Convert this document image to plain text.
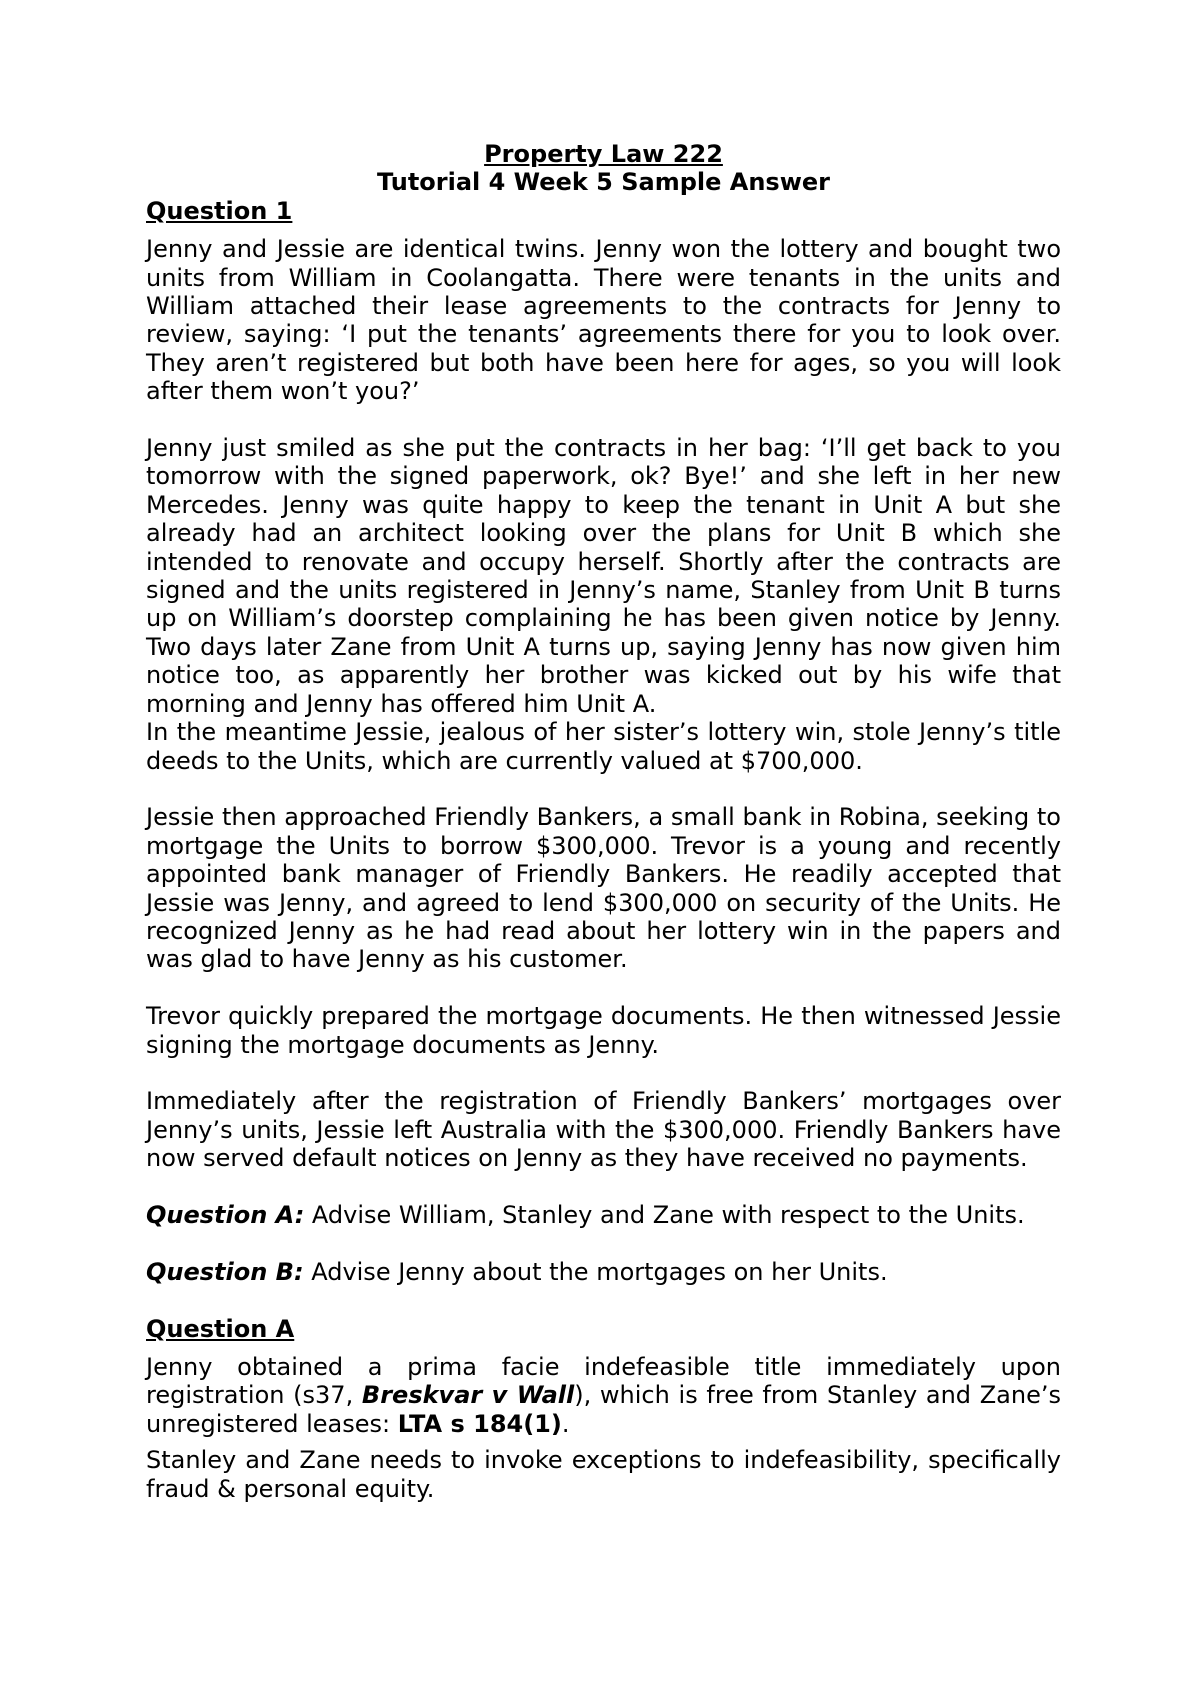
Property Law 222
Tutorial 4 Week 5 Sample Answer
Question 1

Jenny and Jessie are identical twins. Jenny won the lottery and bought two units from William in Coolangatta. There were tenants in the units and William attached their lease agreements to the contracts for Jenny to review, saying: ‘I put the tenants’ agreements there for you to look over. They aren’t registered but both have been here for ages, so you will look after them won’t you?’

Jenny just smiled as she put the contracts in her bag: ‘I’ll get back to you tomorrow with the signed paperwork, ok? Bye!’ and she left in her new Mercedes. Jenny was quite happy to keep the tenant in Unit A but she already had an architect looking over the plans for Unit B which she intended to renovate and occupy herself. Shortly after the contracts are signed and the units registered in Jenny’s name, Stanley from Unit B turns up on William’s doorstep complaining he has been given notice by Jenny. Two days later Zane from Unit A turns up, saying Jenny has now given him notice too, as apparently her brother was kicked out by his wife that morning and Jenny has offered him Unit A.

In the meantime Jessie, jealous of her sister’s lottery win, stole Jenny’s title deeds to the Units, which are currently valued at $700,000.

Jessie then approached Friendly Bankers, a small bank in Robina, seeking to mortgage the Units to borrow $300,000. Trevor is a young and recently appointed bank manager of Friendly Bankers. He readily accepted that Jessie was Jenny, and agreed to lend $300,000 on security of the Units. He recognized Jenny as he had read about her lottery win in the papers and was glad to have Jenny as his customer.

Trevor quickly prepared the mortgage documents. He then witnessed Jessie signing the mortgage documents as Jenny.

Immediately after the registration of Friendly Bankers’ mortgages over Jenny’s units, Jessie left Australia with the $300,000. Friendly Bankers have now served default notices on Jenny as they have received no payments.

Question A: Advise William, Stanley and Zane with respect to the Units.

Question B: Advise Jenny about the mortgages on her Units.

Question A

Jenny obtained a prima facie indefeasible title immediately upon registration (s37, Breskvar v Wall), which is free from Stanley and Zane’s unregistered leases: LTA s 184(1).

Stanley and Zane needs to invoke exceptions to indefeasibility, specifically fraud & personal equity.
